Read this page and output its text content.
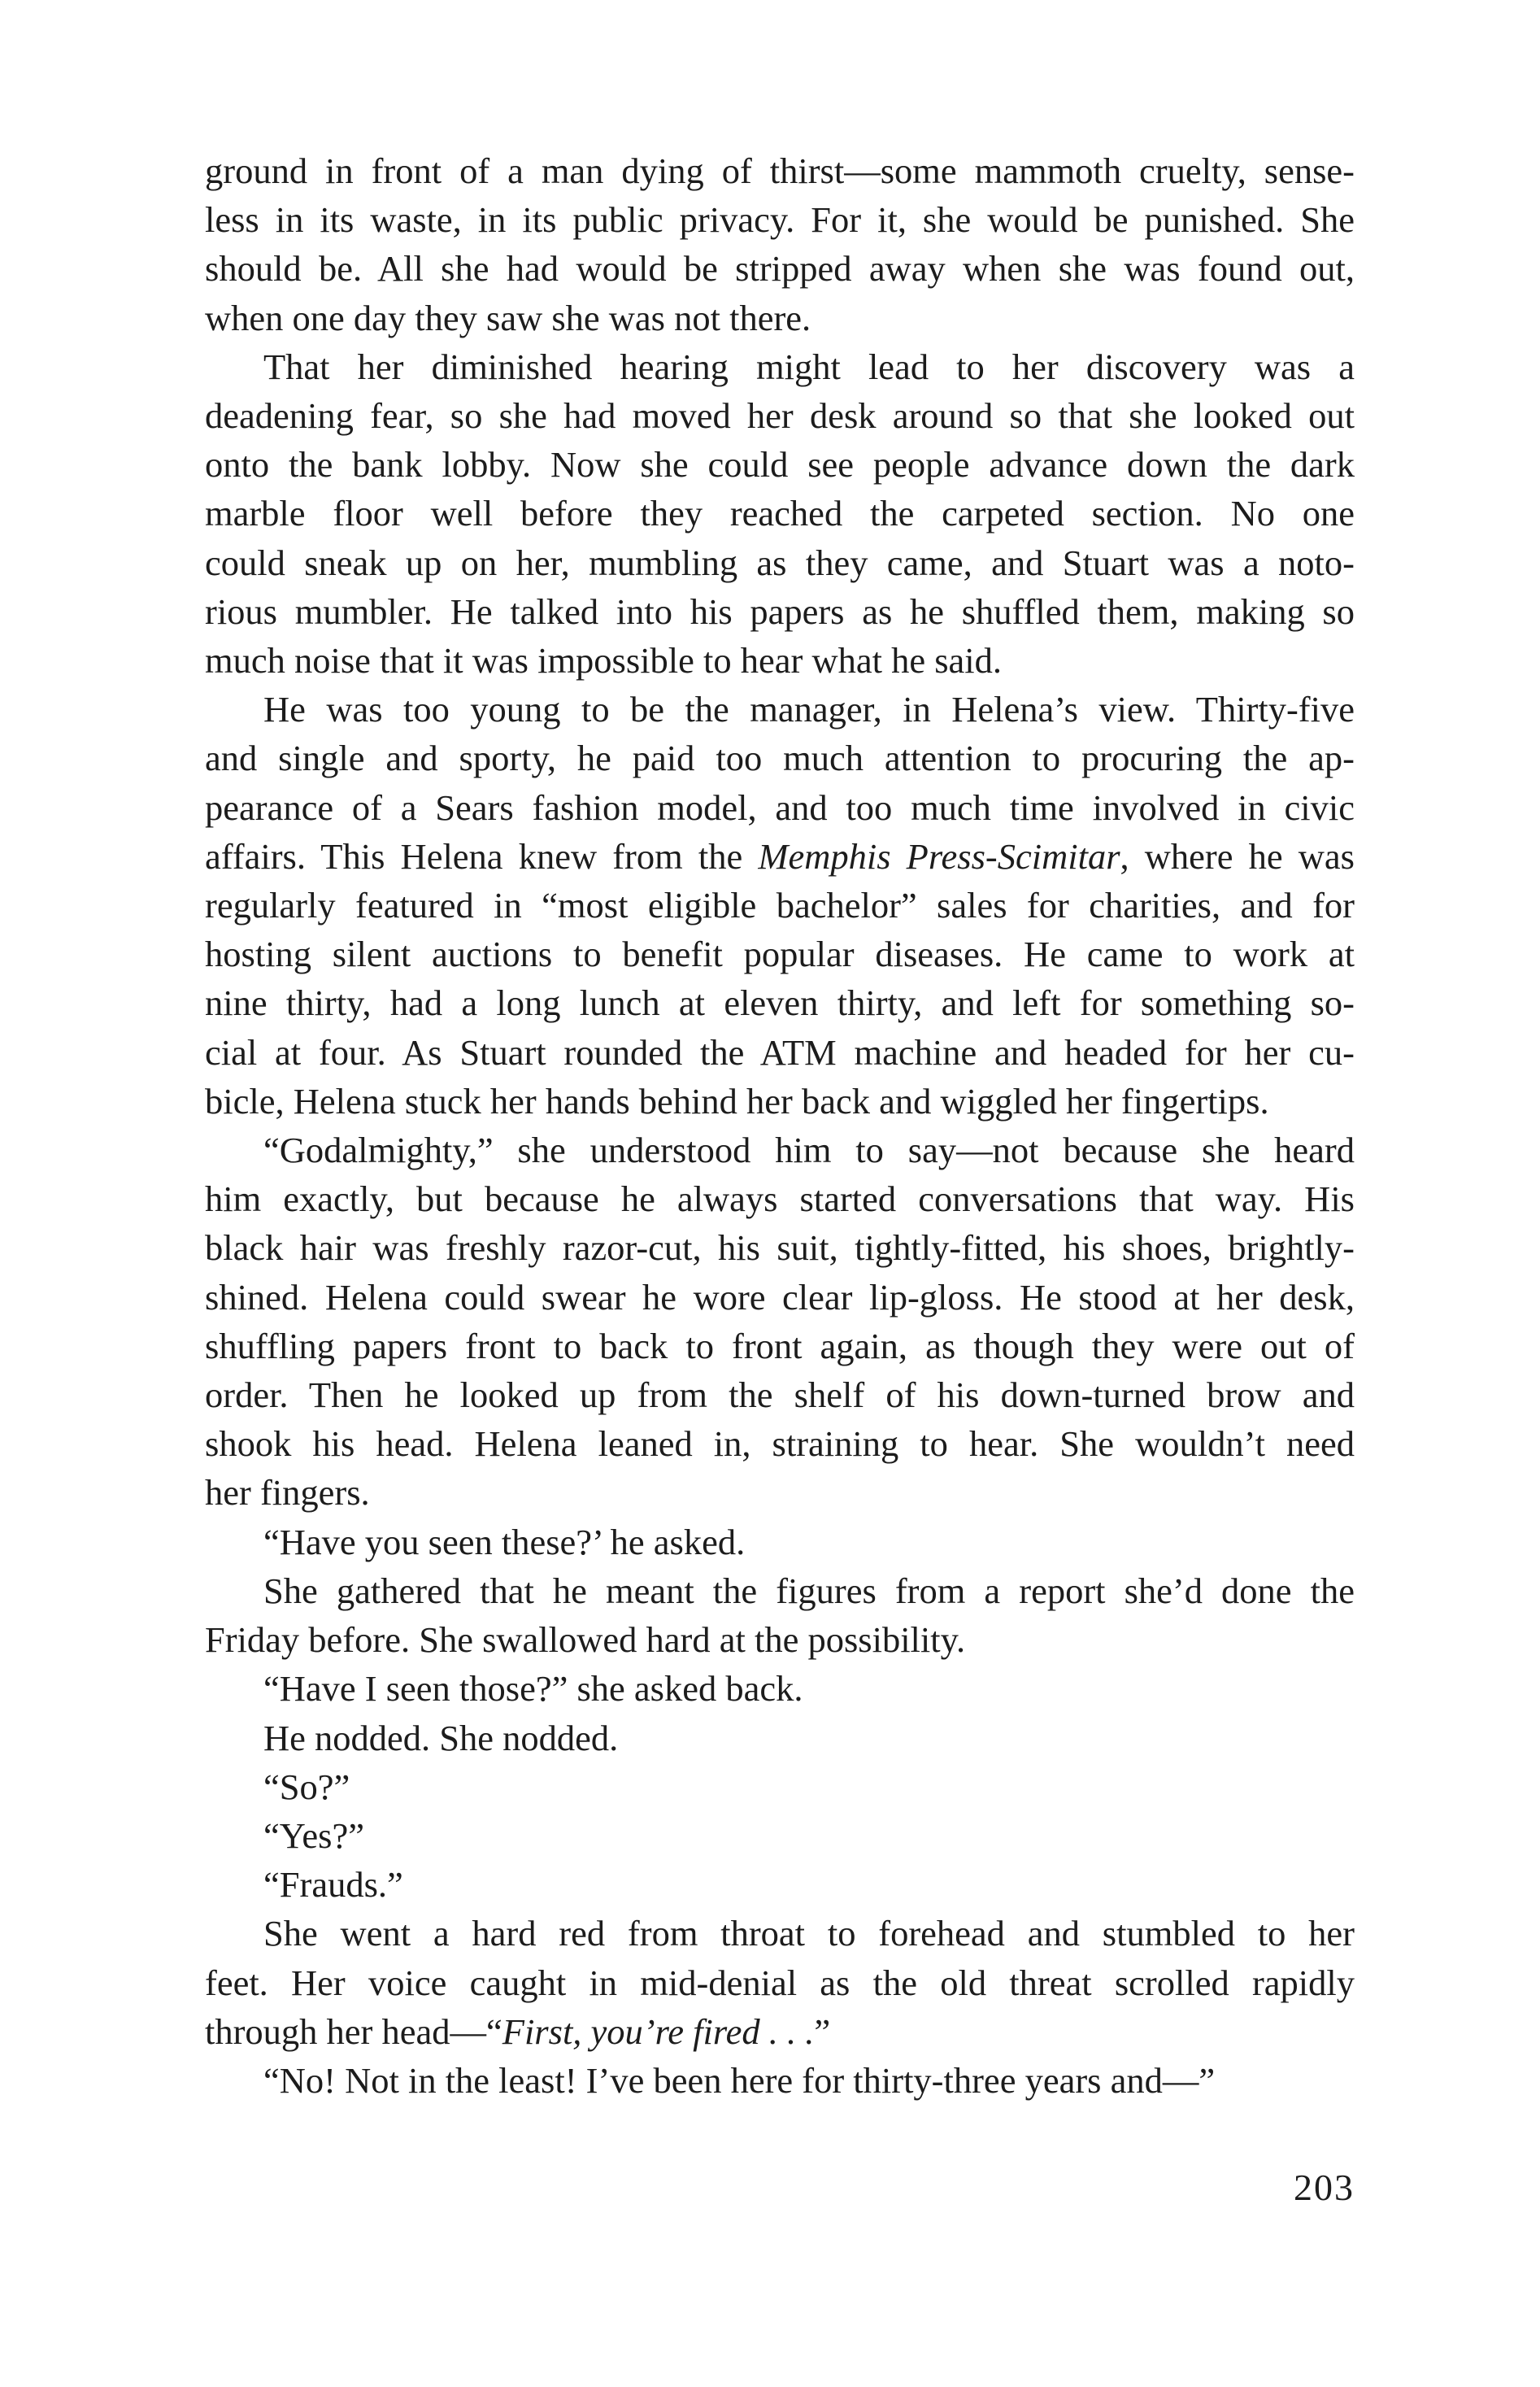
ground in front of a man dying of thirst—some mammoth cruelty, sense-
less in its waste, in its public privacy. For it, she would be punished. She
should be. All she had would be stripped away when she was found out,
when one day they saw she was not there.
That her diminished hearing might lead to her discovery was a
deadening fear, so she had moved her desk around so that she looked out
onto the bank lobby. Now she could see people advance down the dark
marble floor well before they reached the carpeted section. No one
could sneak up on her, mumbling as they came, and Stuart was a noto-
rious mumbler. He talked into his papers as he shuffled them, making so
much noise that it was impossible to hear what he said.
He was too young to be the manager, in Helena’s view. Thirty-five
and single and sporty, he paid too much attention to procuring the ap-
pearance of a Sears fashion model, and too much time involved in civic
affairs. This Helena knew from the Memphis Press-Scimitar, where he was
regularly featured in “most eligible bachelor” sales for charities, and for
hosting silent auctions to benefit popular diseases. He came to work at
nine thirty, had a long lunch at eleven thirty, and left for something so-
cial at four. As Stuart rounded the ATM machine and headed for her cu-
bicle, Helena stuck her hands behind her back and wiggled her fingertips.
“Godalmighty,” she understood him to say—not because she heard
him exactly, but because he always started conversations that way. His
black hair was freshly razor-cut, his suit, tightly-fitted, his shoes, brightly-
shined. Helena could swear he wore clear lip-gloss. He stood at her desk,
shuffling papers front to back to front again, as though they were out of
order. Then he looked up from the shelf of his down-turned brow and
shook his head. Helena leaned in, straining to hear. She wouldn’t need
her fingers.
“Have you seen these?’ he asked.
She gathered that he meant the figures from a report she’d done the
Friday before. She swallowed hard at the possibility.
“Have I seen those?” she asked back.
He nodded. She nodded.
“So?”
“Yes?”
“Frauds.”
She went a hard red from throat to forehead and stumbled to her
feet. Her voice caught in mid-denial as the old threat scrolled rapidly
through her head—“First, you’re fired . . .”
“No! Not in the least! I’ve been here for thirty-three years and—”
203
